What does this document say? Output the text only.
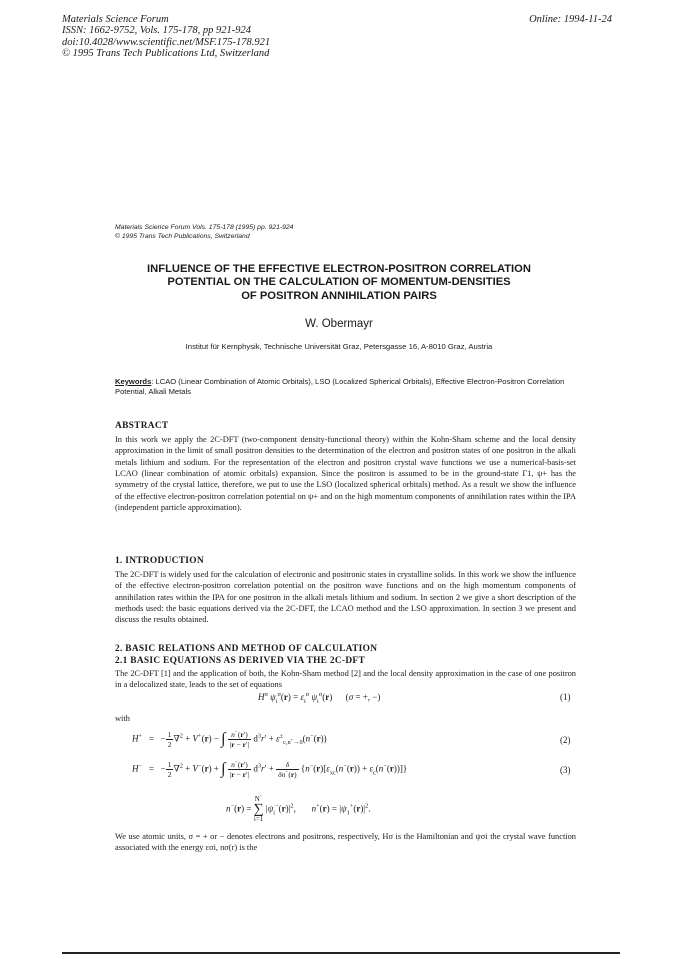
Materials Science Forum
ISSN: 1662-9752, Vols. 175-178, pp 921-924
doi:10.4028/www.scientific.net/MSF.175-178.921
© 1995 Trans Tech Publications Ltd, Switzerland
Online: 1994-11-24
Materials Science Forum Vols. 175-178 (1995) pp. 921-924
© 1995 Trans Tech Publications, Switzerland
INFLUENCE OF THE EFFECTIVE ELECTRON-POSITRON CORRELATION
POTENTIAL ON THE CALCULATION OF MOMENTUM-DENSITIES
OF POSITRON ANNIHILATION PAIRS
W. Obermayr
Institut für Kernphysik, Technische Universität Graz, Petersgasse 16, A-8010 Graz, Austria
Keywords: LCAO (Linear Combination of Atomic Orbitals), LSO (Localized Spherical Orbitals), Effective Electron-Positron Correlation Potential, Alkali Metals
ABSTRACT
In this work we apply the 2C-DFT (two-component density-functional theory) within the Kohn-Sham scheme and the local density approximation in the limit of small positron densities to the determination of the electron and positron states of one positron in the alkali metals lithium and sodium. For the representation of the electron and positron crystal wave functions we use a numerical-basis-set LCAO (linear combination of atomic orbitals) expansion. Since the positron is assumed to be in the ground-state Γ1, ψ+ has the symmetry of the crystal lattice, therefore, we put to use the LSO (localized spherical orbitals) method. As a result we show the influence of the effective electron-positron correlation potential on ψ+ and on the high momentum components of annihilation rates within the IPA (independent particle approximation).
1. INTRODUCTION
The 2C-DFT is widely used for the calculation of electronic and positronic states in crystalline solids. In this work we show the influence of the effective electron-positron correlation potential on the positron wave functions and on the high momentum components of annihilation rates within the IPA for one positron in the alkali metals lithium and sodium. In section 2 we give a short description of the methods used: the basic equations derived via the 2C-DFT, the LCAO method and the LSO approximation. In section 3 we present and discuss the results obtained.
2. BASIC RELATIONS AND METHOD OF CALCULATION
2.1 BASIC EQUATIONS AS DERIVED VIA THE 2C-DFT
The 2C-DFT [1] and the application of both, the Kohn-Sham method [2] and the local density approximation in the case of one positron in a delocalized state, leads to the set of equations
$H^\sigma$ $\psi_i^\sigma(r) = \varepsilon_i^\sigma$ $\psi_i^\sigma(r)$      (σ = +, −)	(1)
with
H+   =   − $\frac{1}{2} \nabla^2 + V^+(r)$ − ∫ $\frac{n^-(r')}{|r - r'|} d^3r' + \varepsilon^\pm_{c,n^+\to 0}(n^-(r))$	(2)
H−   =   − $\frac{1}{2} \nabla^2 + V^-(r)$ + ∫ $\frac{n^-(r')}{|r - r'|} d^3r' + \frac{\delta}{\delta n^-(r)} \{n^-(r)[\varepsilon_{xc}(n^-(r)) + \varepsilon_c(n^-(r))]\}$	(3)
n−(r) = N−
∑
i=1 $|\psi_i^-(r)|^2$,       $n^+(r) = |\psi_1^+(r)|^2$.
We use atomic units, σ = + or − denotes electrons and positrons, respectively, Hσ is the Hamiltonian and ψσi the crystal wave function associated with the energy εσi, nσ(r) is the
